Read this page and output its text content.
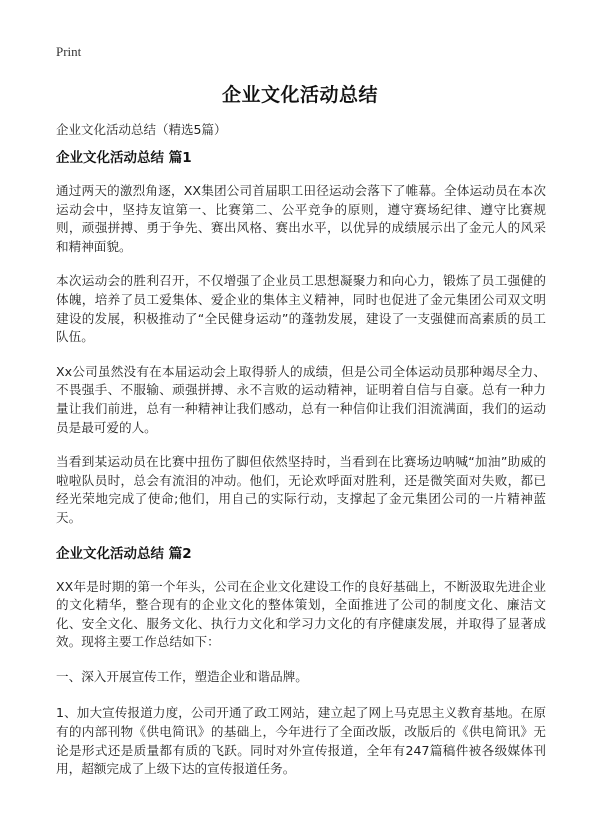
Print
企业文化活动总结
企业文化活动总结（精选5篇）
企业文化活动总结 篇1

通过两天的激烈角逐，XX集团公司首届职工田径运动会落下了帷幕。全体运动员在本次运动会中，坚持友谊第一、比赛第二、公平竞争的原则，遵守赛场纪律、遵守比赛规则，顽强拼搏、勇于争先、赛出风格、赛出水平，以优异的成绩展示出了金元人的风采和精神面貌。

本次运动会的胜利召开，不仅增强了企业员工思想凝聚力和向心力，锻炼了员工强健的体魄，培养了员工爱集体、爱企业的集体主义精神，同时也促进了金元集团公司双文明建设的发展，积极推动了“全民健身运动”的蓬勃发展，建设了一支强健而高素质的员工队伍。

Xx公司虽然没有在本届运动会上取得骄人的成绩，但是公司全体运动员那种竭尽全力、不畏强手、不服输、顽强拼搏、永不言败的运动精神，证明着自信与自豪。总有一种力量让我们前进，总有一种精神让我们感动，总有一种信仰让我们泪流满面，我们的运动员是最可爱的人。

当看到某运动员在比赛中扭伤了脚但依然坚持时，当看到在比赛场边呐喊“加油”助威的啦啦队员时，总会有流泪的冲动。他们，无论欢呼面对胜利，还是微笑面对失败，都已经光荣地完成了使命;他们，用自己的实际行动，支撑起了金元集团公司的一片精神蓝天。

企业文化活动总结 篇2

XX年是时期的第一个年头，公司在企业文化建设工作的良好基础上，不断汲取先进企业的文化精华，整合现有的企业文化的整体策划，全面推进了公司的制度文化、廉洁文化、安全文化、服务文化、执行力文化和学习力文化的有序健康发展，并取得了显著成效。现将主要工作总结如下：

一、深入开展宣传工作，塑造企业和谐品牌。

1、加大宣传报道力度，公司开通了政工网站，建立起了网上马克思主义教育基地。在原有的内部刊物《供电简讯》的基础上，今年进行了全面改版，改版后的《供电简讯》无论是形式还是质量都有质的飞跃。同时对外宣传报道，全年有247篇稿件被各级媒体刊用，超额完成了上级下达的宣传报道任务。
